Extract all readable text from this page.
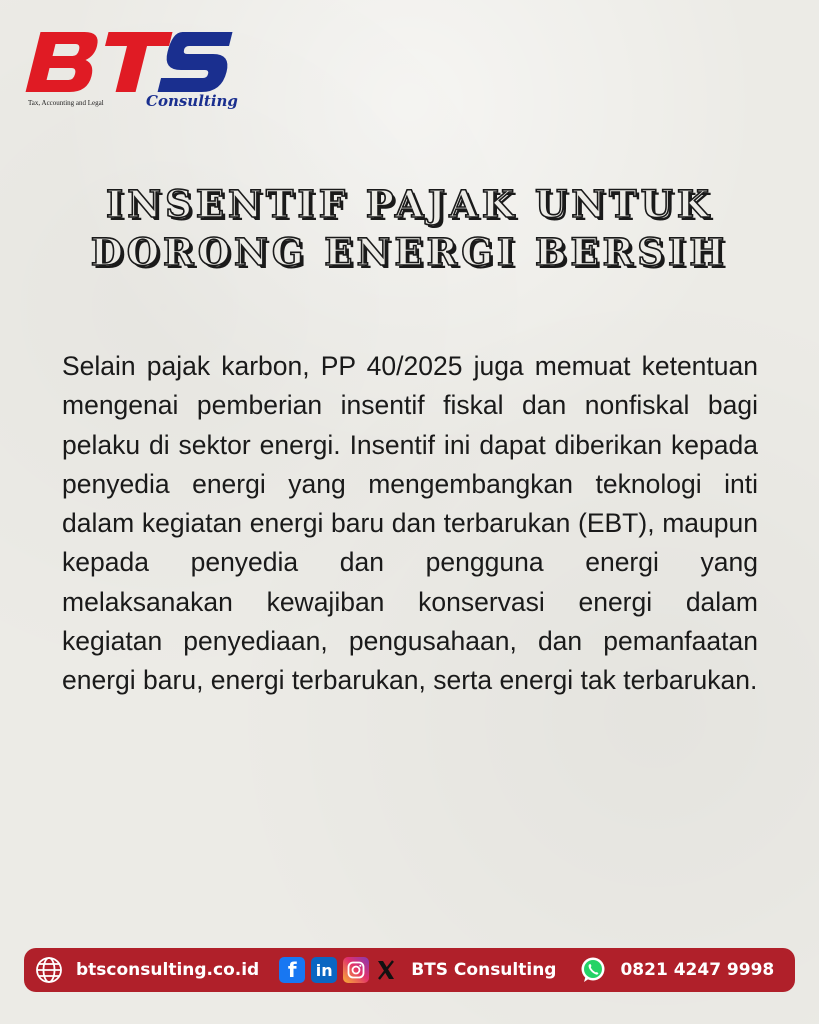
Tax, Accounting and Legal	Consulting
INSENTIF PAJAK UNTUK
DORONG ENERGI BERSIH
Selain pajak karbon, PP 40/2025 juga memuat ketentuan mengenai pemberian insentif fiskal dan nonfiskal bagi pelaku di sektor energi. Insentif ini dapat diberikan kepada penyedia energi yang mengembangkan teknologi inti dalam kegiatan energi baru dan terbarukan (EBT), maupun kepada penyedia dan pengguna energi yang melaksanakan kewajiban konservasi energi dalam kegiatan penyediaan, pengusahaan, dan pemanfaatan energi baru, energi terbarukan, serta energi tak terbarukan.
btsconsulting.co.id	f	in	BTS Consulting	0821 4247 9998
